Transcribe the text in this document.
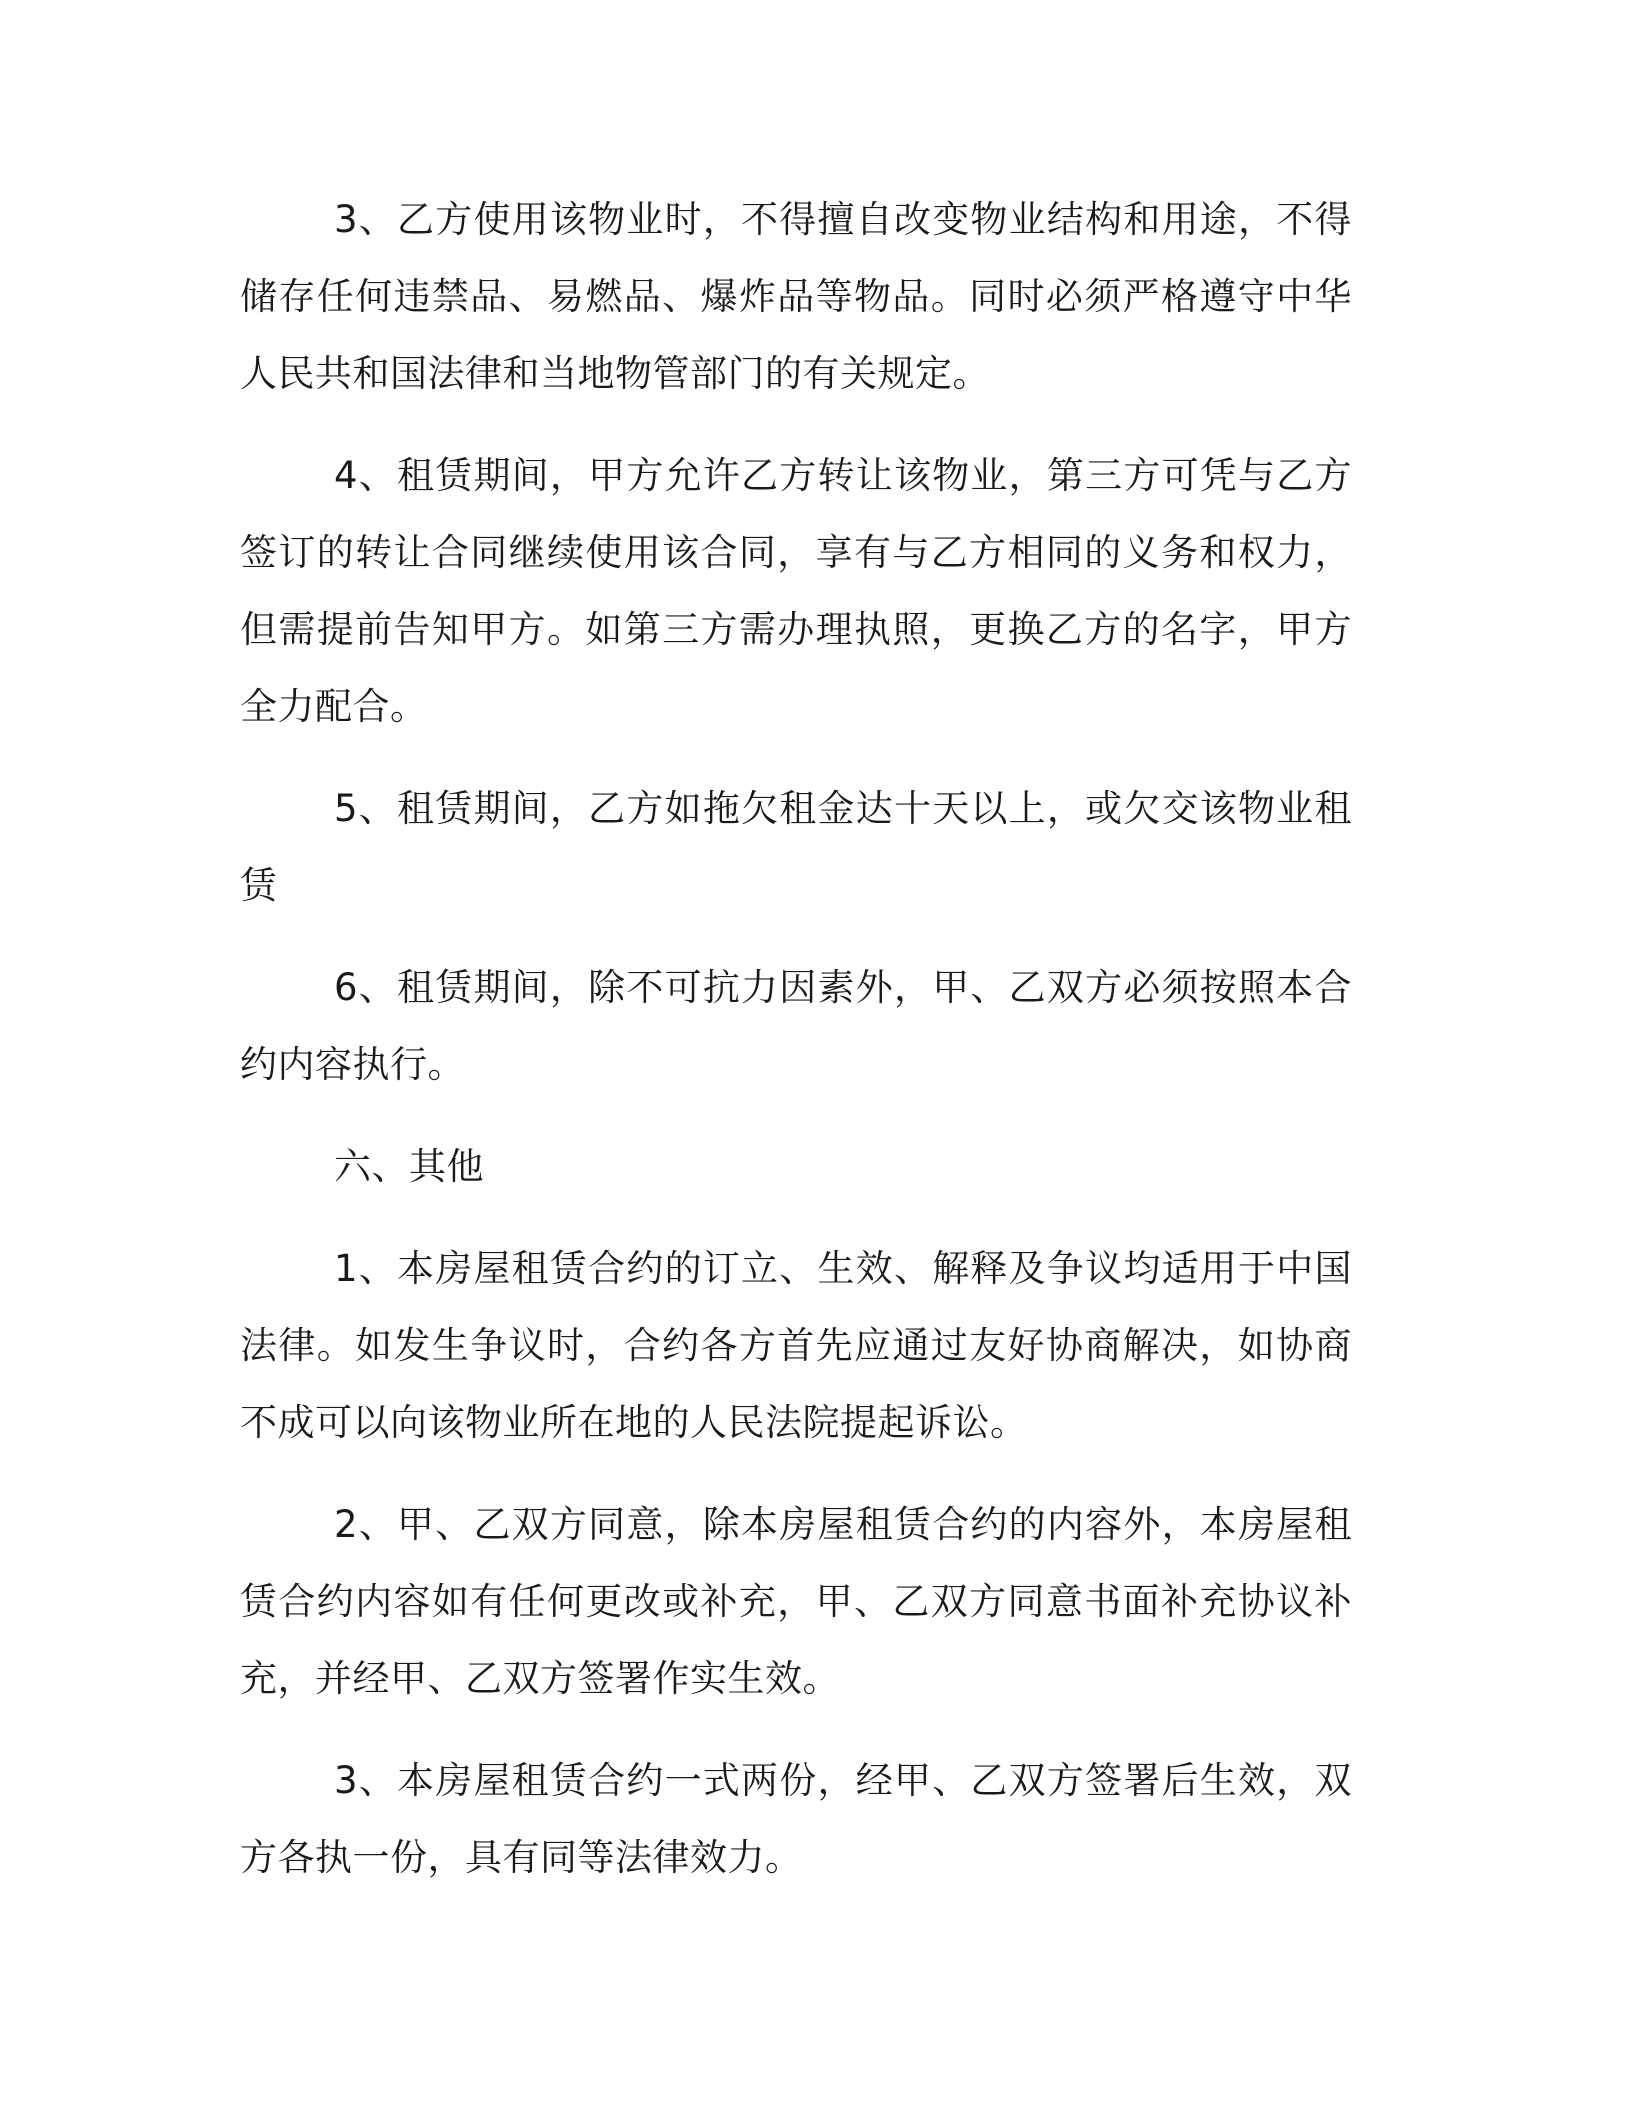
3、乙方使用该物业时，不得擅自改变物业结构和用途，不得储存任何违禁品、易燃品、爆炸品等物品。同时必须严格遵守中华人民共和国法律和当地物管部门的有关规定。

4、租赁期间，甲方允许乙方转让该物业，第三方可凭与乙方签订的转让合同继续使用该合同，享有与乙方相同的义务和权力，但需提前告知甲方。如第三方需办理执照，更换乙方的名字，甲方全力配合。

5、租赁期间，乙方如拖欠租金达十天以上，或欠交该物业租赁

6、租赁期间，除不可抗力因素外，甲、乙双方必须按照本合约内容执行。

六、其他

1、本房屋租赁合约的订立、生效、解释及争议均适用于中国法律。如发生争议时，合约各方首先应通过友好协商解决，如协商不成可以向该物业所在地的人民法院提起诉讼。

2、甲、乙双方同意，除本房屋租赁合约的内容外，本房屋租赁合约内容如有任何更改或补充，甲、乙双方同意书面补充协议补充，并经甲、乙双方签署作实生效。

3、本房屋租赁合约一式两份，经甲、乙双方签署后生效，双方各执一份，具有同等法律效力。
